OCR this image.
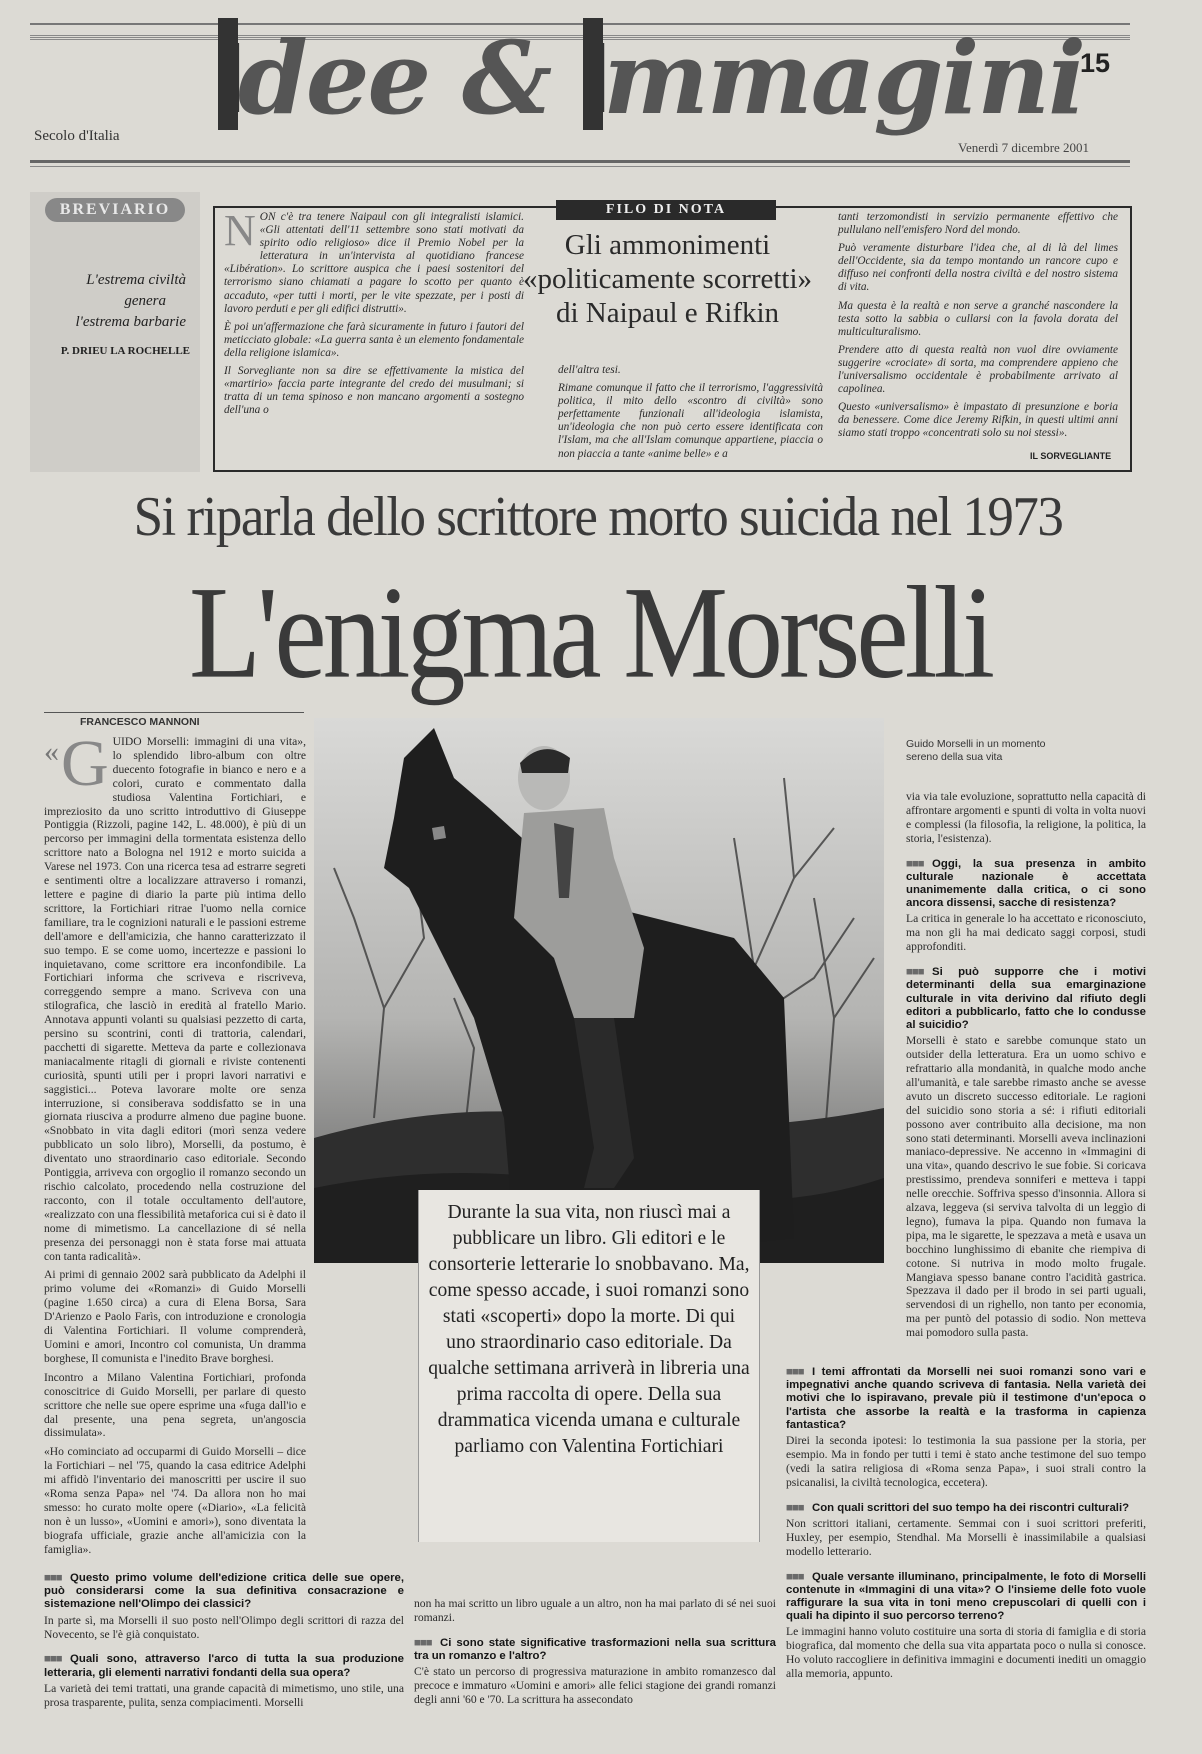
Secolo d'Italia
Idee & Immagini
15
Venerdì 7 dicembre 2001
BREVIARIO
L'estrema civiltà
genera
l'estrema barbarie
P. DRIEU LA ROCHELLE
FILO DI NOTA
Gli ammonimenti
«politicamente scorretti»
di Naipaul e Rifkin
N ON c'è tra tenere Naipaul con gli integralisti islamici. «Gli attentati dell'11 settembre sono stati motivati da spirito odio religioso» dice il Premio Nobel per la letteratura in un'intervista al quotidiano francese «Libération». Lo scrittore auspica che i paesi sostenitori del terrorismo siano chiamati a pagare lo scotto per quanto è accaduto, «per tutti i morti, per le vite spezzate, per i posti di lavoro perduti e per gli edifici distrutti».

È poi un'affermazione che farà sicuramente in futuro i fautori del meticciato globale: «La guerra santa è un elemento fondamentale della religione islamica».

Il Sorvegliante non sa dire se effettivamente la mistica del «martirio» faccia parte integrante del credo dei musulmani; si tratta di un tema spinoso e non mancano argomenti a sostegno dell'una o

dell'altra tesi.

Rimane comunque il fatto che il terrorismo, l'aggressività politica, il mito dello «scontro di civiltà» sono perfettamente funzionali all'ideologia islamista, un'ideologia che non può certo essere identificata con l'Islam, ma che all'Islam comunque appartiene, piaccia o non piaccia a tante «anime belle» e a

tanti terzomondisti in servizio permanente effettivo che pullulano nell'emisfero Nord del mondo.

Può veramente disturbare l'idea che, al di là del limes dell'Occidente, sia da tempo montando un rancore cupo e diffuso nei confronti della nostra civiltà e del nostro sistema di vita.

Ma questa è la realtà e non serve a granché nascondere la testa sotto la sabbia o cullarsi con la favola dorata del multiculturalismo.

Prendere atto di questa realtà non vuol dire ovviamente suggerire «crociate» di sorta, ma comprendere appieno che l'universalismo occidentale è probabilmente arrivato al capolinea.

Questo «universalismo» è impastato di presunzione e boria da benessere. Come dice Jeremy Rifkin, in questi ultimi anni siamo stati troppo «concentrati solo su noi stessi».

IL SORVEGLIANTE
Si riparla dello scrittore morto suicida nel 1973
L'enigma Morselli
FRANCESCO MANNONI
« G UIDO Morselli: immagini di una vita», lo splendido libro-album con oltre duecento fotografie in bianco e nero e a colori, curato e commentato dalla studiosa Valentina Fortichiari, e impreziosito da uno scritto introduttivo di Giuseppe Pontiggia (Rizzoli, pagine 142, L. 48.000), è più di un percorso per immagini della tormentata esistenza dello scrittore nato a Bologna nel 1912 e morto suicida a Varese nel 1973. Con una ricerca tesa ad estrarre segreti e sentimenti oltre a localizzare attraverso i romanzi, lettere e pagine di diario la parte più intima dello scrittore, la Fortichiari ritrae l'uomo nella cornice familiare, tra le cognizioni naturali e le passioni estreme dell'amore e dell'amicizia, che hanno caratterizzato il suo tempo. E se come uomo, incertezze e passioni lo inquietavano, come scrittore era inconfondibile. La Fortichiari informa che scriveva e riscriveva, correggendo sempre a mano. Scriveva con una stilografica, che lasciò in eredità al fratello Mario. Annotava appunti volanti su qualsiasi pezzetto di carta, persino su scontrini, conti di trattoria, calendari, pacchetti di sigarette. Metteva da parte e collezionava maniacalmente ritagli di giornali e riviste contenenti curiosità, spunti utili per i propri lavori narrativi e saggistici... Poteva lavorare molte ore senza interruzione, si consiberava soddisfatto se in una giornata riusciva a produrre almeno due pagine buone. «Snobbato in vita dagli editori (morì senza vedere pubblicato un solo libro), Morselli, da postumo, è diventato uno straordinario caso editoriale. Secondo Pontiggia, arriveva con orgoglio il romanzo secondo un rischio calcolato, procedendo nella costruzione del racconto, con il totale occultamento dell'autore, «realizzato con una flessibilità metaforica cui si è dato il nome di mimetismo. La cancellazione di sé nella presenza dei personaggi non è stata forse mai attuata con tanta radicalità».

Ai primi di gennaio 2002 sarà pubblicato da Adelphi il primo volume dei «Romanzi» di Guido Morselli (pagine 1.650 circa) a cura di Elena Borsa, Sara D'Arienzo e Paolo Farìs, con introduzione e cronologia di Valentina Fortichiari. Il volume comprenderà, Uomini e amori, Incontro col comunista, Un dramma borghese, Il comunista e l'inedito Brave borghesi.

Incontro a Milano Valentina Fortichiari, profonda conoscitrice di Guido Morselli, per parlare di questo scrittore che nelle sue opere esprime una «fuga dall'io e dal presente, una pena segreta, un'angoscia dissimulata».

«Ho cominciato ad occuparmi di Guido Morselli – dice la Fortichiari – nel '75, quando la casa editrice Adelphi mi affidò l'inventario dei manoscritti per uscire il suo «Roma senza Papa» nel '74. Da allora non ho mai smesso: ho curato molte opere («Diario», «La felicità non è un lusso», «Uomini e amori»), sono diventata la biografa ufficiale, grazie anche all'amicizia con la famiglia».

■■■ Questo primo volume dell'edizione critica delle sue opere, può considerarsi come la sua definitiva consacrazione e sistemazione nell'Olimpo dei classici?

In parte sì, ma Morselli il suo posto nell'Olimpo degli scrittori di razza del Novecento, se l'è già conquistato.

■■■ Quali sono, attraverso l'arco di tutta la sua produzione letteraria, gli elementi narrativi fondanti della sua opera?

La varietà dei temi trattati, una grande capacità di mimetismo, uno stile, una prosa trasparente, pulita, senza compiacimenti. Morselli

Guido Morselli in un momento sereno della sua vita
Durante la sua vita, non riuscì mai a pubblicare un libro. Gli editori e le consorterie letterarie lo snobbavano. Ma, come spesso accade, i suoi romanzi sono stati «scoperti» dopo la morte. Di qui uno straordinario caso editoriale. Da qualche settimana arriverà in libreria una prima raccolta di opere. Della sua drammatica vicenda umana e culturale parliamo con Valentina Fortichiari

non ha mai scritto un libro uguale a un altro, non ha mai parlato di sé nei suoi romanzi.

■■■ Ci sono state significative trasformazioni nella sua scrittura tra un romanzo e l'altro?

C'è stato un percorso di progressiva maturazione in ambito romanzesco dal precoce e immaturo «Uomini e amori» alle felici stagione dei grandi romanzi degli anni '60 e '70. La scrittura ha assecondato

via via tale evoluzione, soprattutto nella capacità di affrontare argomenti e spunti di volta in volta nuovi e complessi (la filosofia, la religione, la politica, la storia, l'esistenza).

■■■ Oggi, la sua presenza in ambito culturale nazionale è accettata unanimemente dalla critica, o ci sono ancora dissensi, sacche di resistenza?

La critica in generale lo ha accettato e riconosciuto, ma non gli ha mai dedicato saggi corposi, studi approfonditi.

■■■ Si può supporre che i motivi determinanti della sua emarginazione culturale in vita derivino dal rifiuto degli editori a pubblicarlo, fatto che lo condusse al suicidio?

Morselli è stato e sarebbe comunque stato un outsider della letteratura. Era un uomo schivo e refrattario alla mondanità, in qualche modo anche all'umanità, e tale sarebbe rimasto anche se avesse avuto un discreto successo editoriale. Le ragioni del suicidio sono storia a sé: i rifiuti editoriali possono aver contribuito alla decisione, ma non sono stati determinanti. Morselli aveva inclinazioni maniaco-depressive. Ne accenno in «Immagini di una vita», quando descrivo le sue fobie. Si coricava prestissimo, prendeva sonniferi e metteva i tappi nelle orecchie. Soffriva spesso d'insonnia. Allora si alzava, leggeva (si serviva talvolta di un leggìo di legno), fumava la pipa. Quando non fumava la pipa, ma le sigarette, le spezzava a metà e usava un bocchino lunghissimo di ebanite che riempiva di cotone. Si nutriva in modo molto frugale. Mangiava spesso banane contro l'acidità gastrica. Spezzava il dado per il brodo in sei parti uguali, servendosi di un righello, non tanto per economia, ma per puntò del potassio di sodio. Non metteva mai pomodoro sulla pasta.

■■■ I temi affrontati da Morselli nei suoi romanzi sono vari e impegnativi anche quando scriveva di fantasia. Nella varietà dei motivi che lo ispiravano, prevale più il testimone d'un'epoca o l'artista che assorbe la realtà e la trasforma in capienza fantastica?

Direi la seconda ipotesi: lo testimonia la sua passione per la storia, per esempio. Ma in fondo per tutti i temi è stato anche testimone del suo tempo (vedi la satira religiosa di «Roma senza Papa», i suoi strali contro la psicanalisi, la civiltà tecnologica, eccetera).

■■■ Con quali scrittori del suo tempo ha dei riscontri culturali?

Non scrittori italiani, certamente. Semmai con i suoi scrittori preferiti, Huxley, per esempio, Stendhal. Ma Morselli è inassimilabile a qualsiasi modello letterario.

■■■ Quale versante illuminano, principalmente, le foto di Morselli contenute in «Immagini di una vita»? O l'insieme delle foto vuole raffigurare la sua vita in toni meno crepuscolari di quelli con i quali ha dipinto il suo percorso terreno?

Le immagini hanno voluto costituire una sorta di storia di famiglia e di storia biografica, dal momento che della sua vita appartata poco o nulla si conosce. Ho voluto raccogliere in definitiva immagini e documenti inediti un omaggio alla memoria, appunto.
